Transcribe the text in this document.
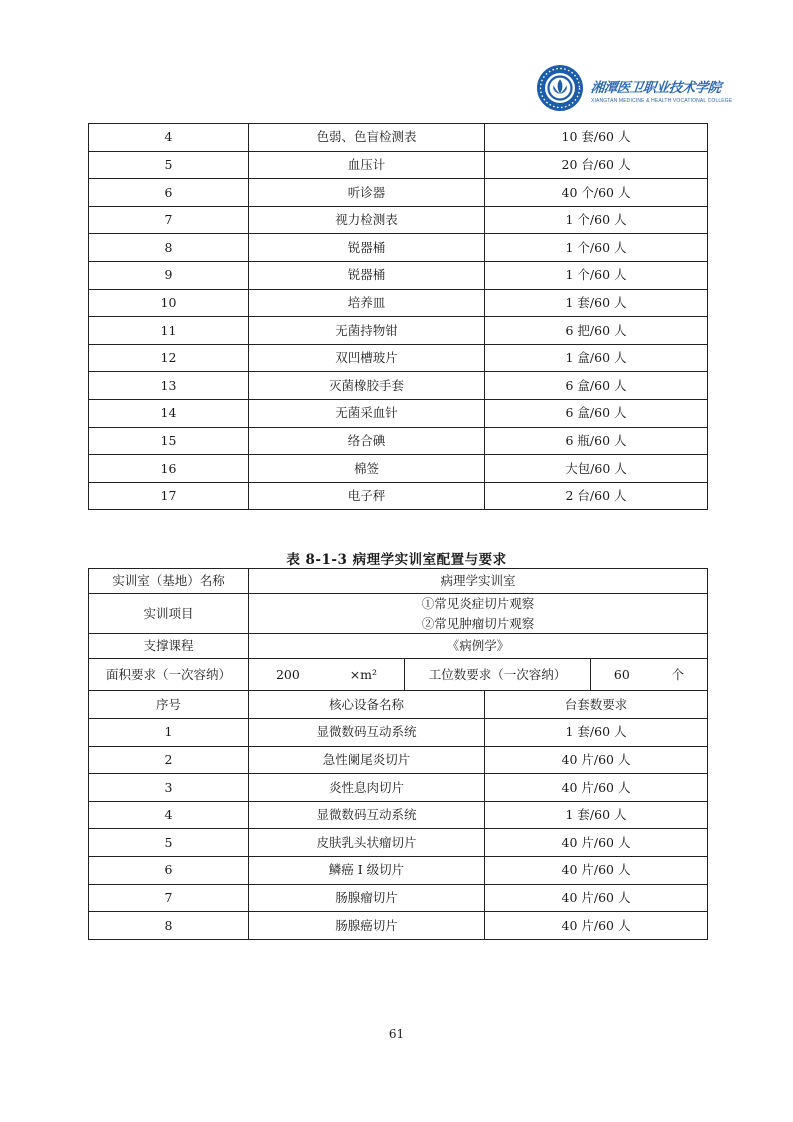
湘潭医卫职业技术学院
XIANGTAN MEDICINE & HEALTH VOCATIONAL COLLEGE
4	色弱、色盲检测表	10 套/60 人
5	血压计	20 台/60 人
6	听诊器	40 个/60 人
7	视力检测表	1 个/60 人
8	锐器桶	1 个/60 人
9	锐器桶	1 个/60 人
10	培养皿	1 套/60 人
11	无菌持物钳	6 把/60 人
12	双凹槽玻片	1 盒/60 人
13	灭菌橡胶手套	6 盒/60 人
14	无菌采血针	6 盒/60 人
15	络合碘	6 瓶/60 人
16	棉签	大包/60 人
17	电子秤	2 台/60 人
表 8-1-3 病理学实训室配置与要求
实训室（基地）名称	病理学实训室			
实训项目	①常见炎症切片观察
②常见肿瘤切片观察			

支撑课程	《病例学》			
面积要求（一次容纳）	200 ×m²	工位数要求（一次容纳）		60 个

序号	核心设备名称		台套数要求	
1	显微数码互动系统		1 套/60 人	
2	急性阑尾炎切片		40 片/60 人	
3	炎性息肉切片		40 片/60 人	
4	显微数码互动系统		1 套/60 人	
5	皮肤乳头状瘤切片		40 片/60 人	
6	鳞癌 I 级切片		40 片/60 人	
7	肠腺瘤切片		40 片/60 人	
8	肠腺癌切片		40 片/60 人	
61
